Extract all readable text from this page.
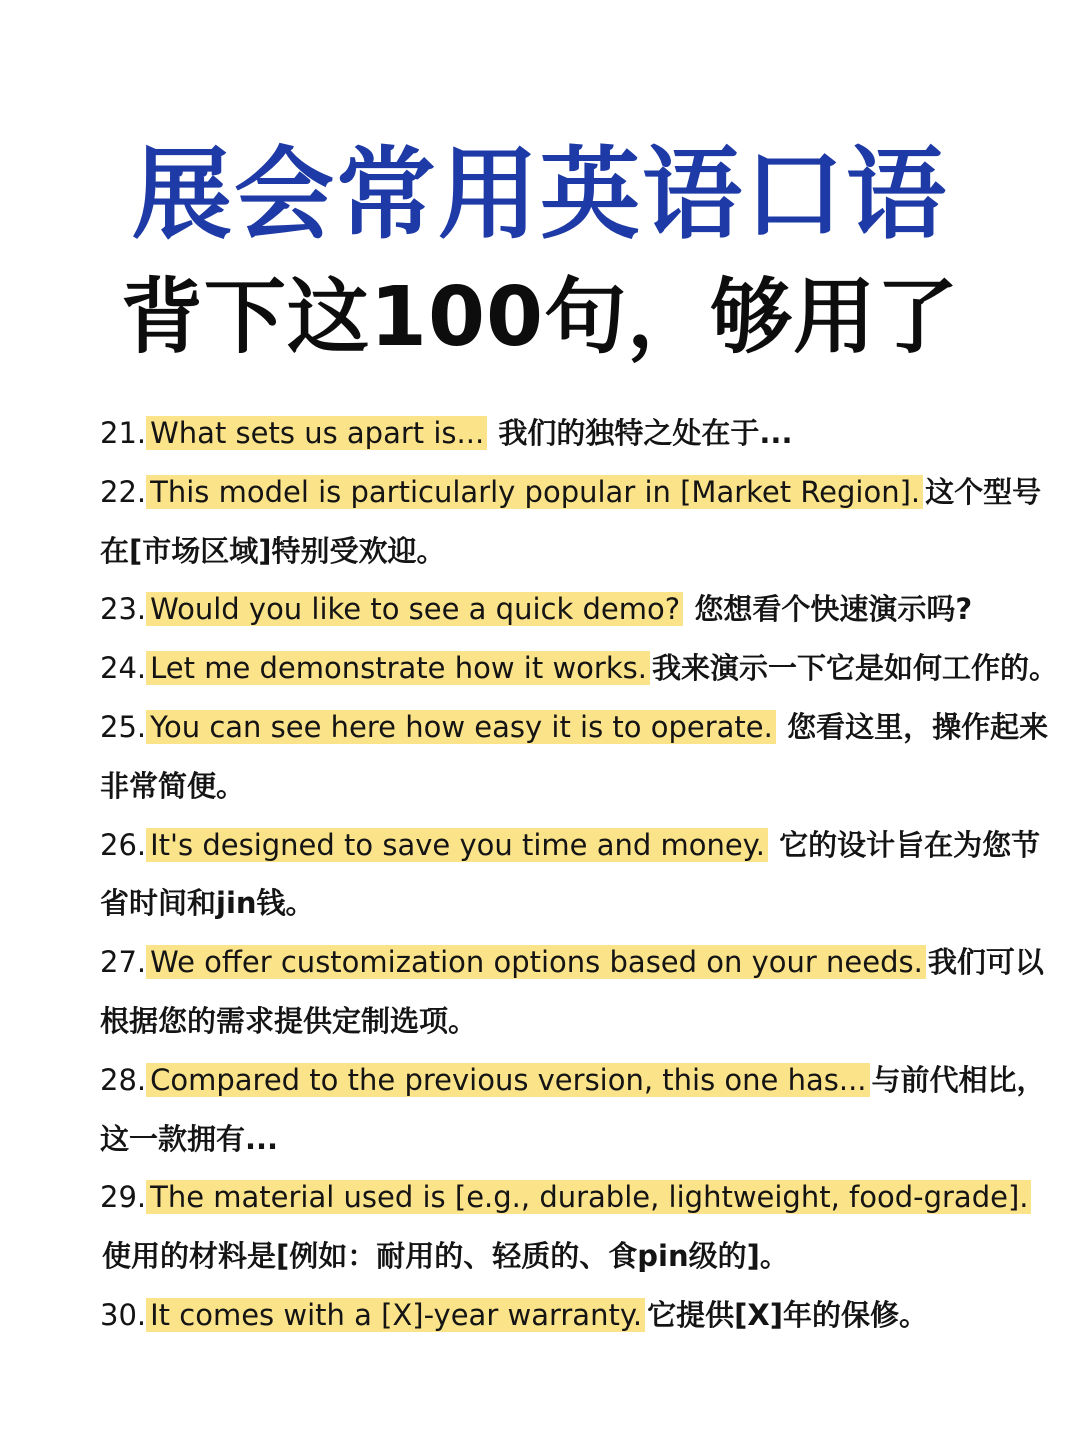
展会常用英语口语
背下这100句，够用了
21. What sets us apart is... 我们的独特之处在于...
22. This model is particularly popular in [Market Region]. 这个型号在[市场区域]特别受欢迎。
23. Would you like to see a quick demo? 您想看个快速演示吗?
24. Let me demonstrate how it works. 我来演示一下它是如何工作的。
25. You can see here how easy it is to operate. 您看这里，操作起来非常简便。
26. It's designed to save you time and money. 它的设计旨在为您节省时间和jin钱。
27. We offer customization options based on your needs. 我们可以根据您的需求提供定制选项。
28. Compared to the previous version, this one has... 与前代相比，这一款拥有...
29. The material used is [e.g., durable, lightweight, food-grade]. 使用的材料是[例如：耐用的、轻质的、食pin级的]。
30. It comes with a [X]-year warranty. 它提供[X]年的保修。
